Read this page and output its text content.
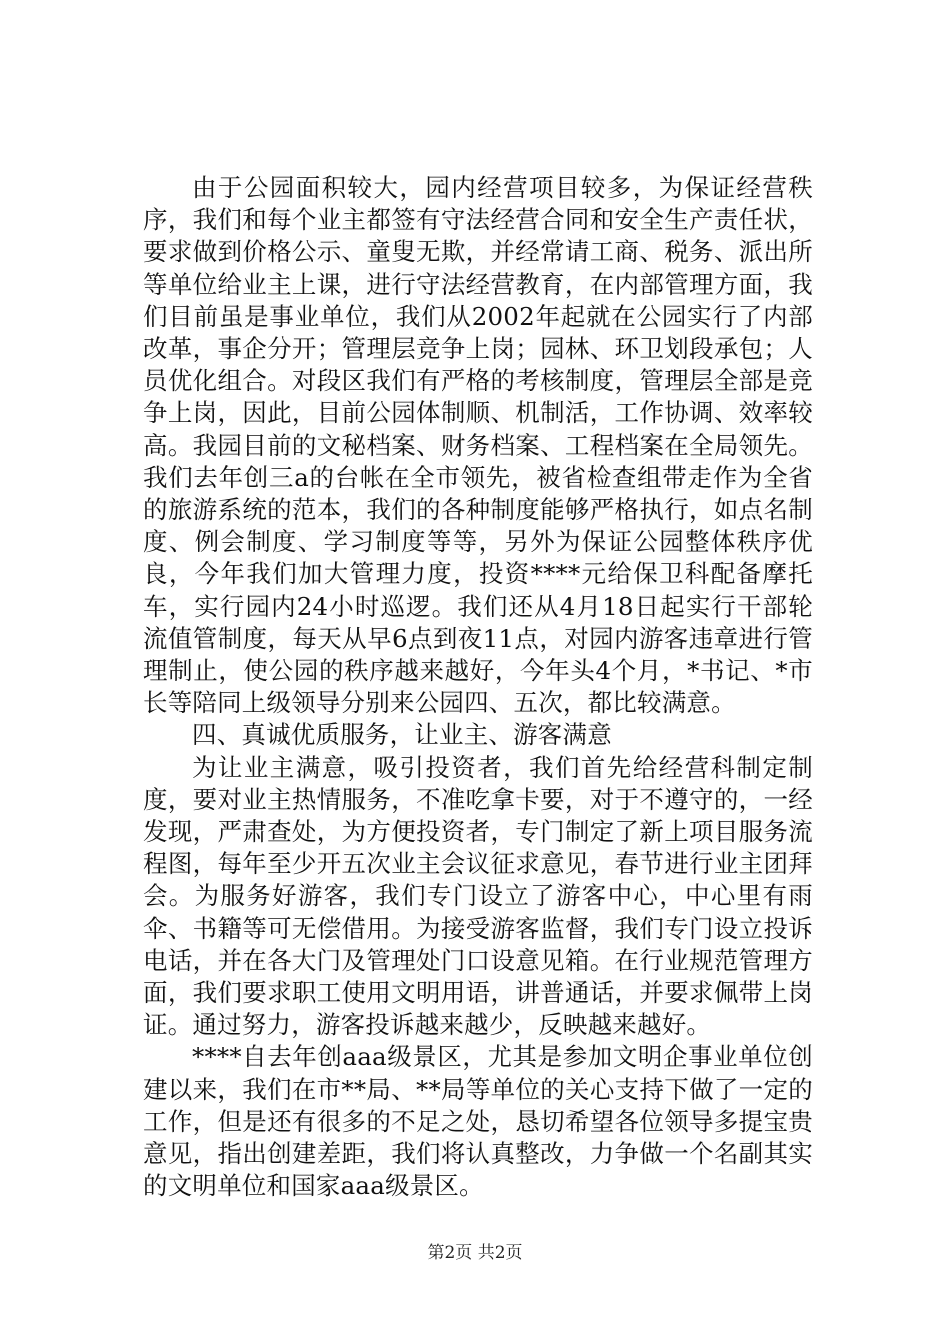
由于公园面积较大，园内经营项目较多，为保证经营秩序，我们和每个业主都签有守法经营合同和安全生产责任状，要求做到价格公示、童叟无欺，并经常请工商、税务、派出所等单位给业主上课，进行守法经营教育，在内部管理方面，我们目前虽是事业单位，我们从2002年起就在公园实行了内部改革，事企分开；管理层竞争上岗；园林、环卫划段承包；人员优化组合。对段区我们有严格的考核制度，管理层全部是竞争上岗，因此，目前公园体制顺、机制活，工作协调、效率较高。我园目前的文秘档案、财务档案、工程档案在全局领先。我们去年创三a的台帐在全市领先，被省检查组带走作为全省的旅游系统的范本，我们的各种制度能够严格执行，如点名制度、例会制度、学习制度等等，另外为保证公园整体秩序优良，今年我们加大管理力度，投资****元给保卫科配备摩托车，实行园内24小时巡逻。我们还从4月18日起实行干部轮流值管制度，每天从早6点到夜11点，对园内游客违章进行管理制止，使公园的秩序越来越好，今年头4个月，*书记、*市长等陪同上级领导分别来公园四、五次，都比较满意。

四、真诚优质服务，让业主、游客满意

为让业主满意，吸引投资者，我们首先给经营科制定制度，要对业主热情服务，不准吃拿卡要，对于不遵守的，一经发现，严肃查处，为方便投资者，专门制定了新上项目服务流程图，每年至少开五次业主会议征求意见，春节进行业主团拜会。为服务好游客，我们专门设立了游客中心，中心里有雨伞、书籍等可无偿借用。为接受游客监督，我们专门设立投诉电话，并在各大门及管理处门口设意见箱。在行业规范管理方面，我们要求职工使用文明用语，讲普通话，并要求佩带上岗证。通过努力，游客投诉越来越少，反映越来越好。

****自去年创aaa级景区，尤其是参加文明企事业单位创建以来，我们在市**局、**局等单位的关心支持下做了一定的工作，但是还有很多的不足之处，恳切希望各位领导多提宝贵意见，指出创建差距，我们将认真整改，力争做一个名副其实的文明单位和国家aaa级景区。

第2页 共2页
